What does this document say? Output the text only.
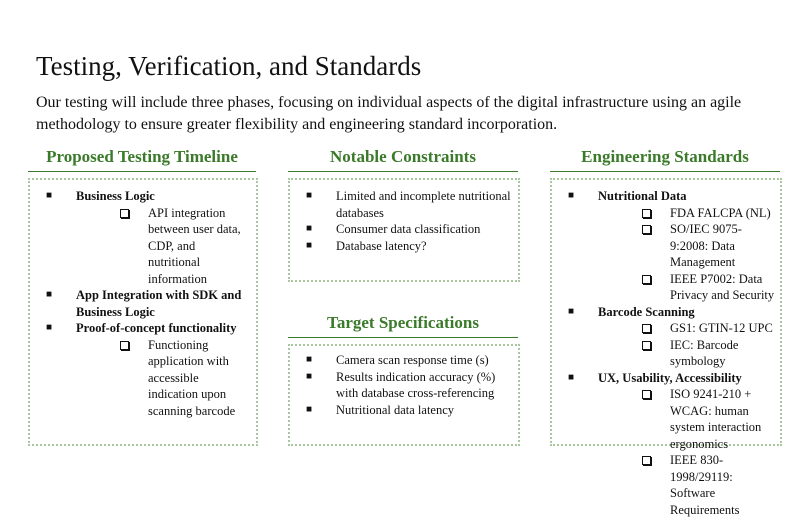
Testing, Verification, and Standards
Our testing will include three phases, focusing on individual aspects of the digital infrastructure using an agile methodology to ensure greater flexibility and engineering standard incorporation.
Proposed Testing Timeline
■ Business Logic
API integration between user data, CDP, and nutritional information
■ App Integration with SDK and Business Logic
■ Proof-of-concept functionality
Functioning application with accessible indication upon scanning barcode
Notable Constraints
■ Limited and incomplete nutritional databases
■ Consumer data classification
■ Database latency?
Target Specifications
■ Camera scan response time (s)
■ Results indication accuracy (%) with database cross-referencing
■ Nutritional data latency
Engineering Standards
■ Nutritional Data
FDA FALCPA (NL)
SO/IEC 9075-9:2008: Data Management
IEEE P7002: Data Privacy and Security
■ Barcode Scanning
GS1: GTIN-12 UPC
IEC: Barcode symbology
■ UX, Usability, Accessibility
ISO 9241-210 + WCAG: human system interaction ergonomics
IEEE 830-1998/29119: Software Requirements
